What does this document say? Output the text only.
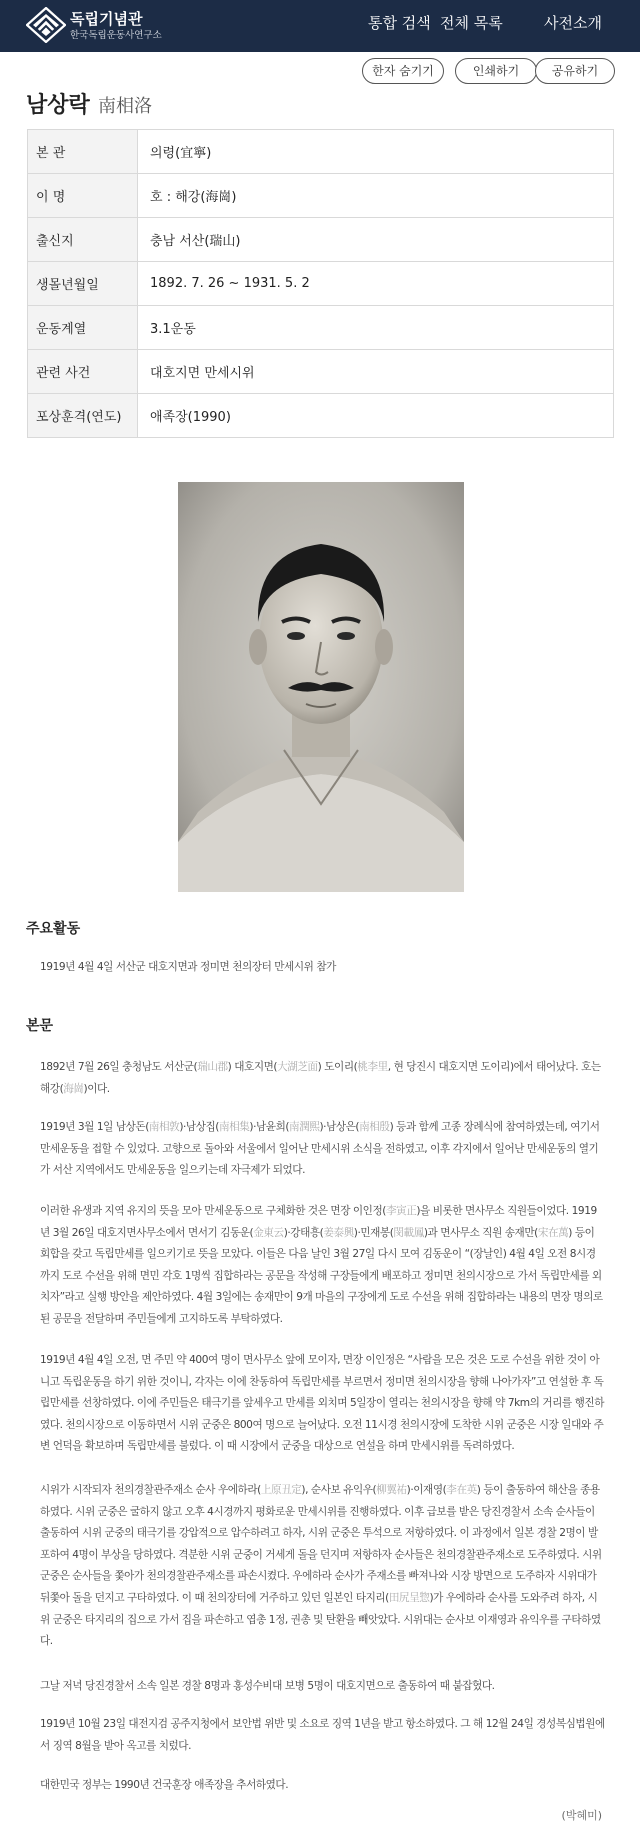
독립기념관
한국독립운동사연구소
통합 검색 전체 목록	사전소개
한자 숨기기	인쇄하기	공유하기
남상락 南相洛
본 관	의령(宜寧)
이 명	호 : 해강(海崗)
출신지	충남 서산(瑞山)
생몰년월일	1892. 7. 26 ~ 1931. 5. 2
운동계열	3.1운동
관련 사건	대호지면 만세시위
포상훈격(연도)	애족장(1990)
주요활동
1919년 4월 4일 서산군 대호지면과 정미면 천의장터 만세시위 참가
본문
1892년 7월 26일 충청남도 서산군(瑞山郡) 대호지면(大湖芝面) 도이리(桃李里, 현 당진시 대호지면 도이리)에서 태어났다. 호는 해강(海崗)이다.
1919년 3월 1일 남상돈(南相敦)·남상집(南相集)·남윤희(南潤熙)·남상은(南相殷) 등과 함께 고종 장례식에 참여하였는데, 여기서 만세운동을 접할 수 있었다. 고향으로 돌아와 서울에서 일어난 만세시위 소식을 전하였고, 이후 각지에서 일어난 만세운동의 열기가 서산 지역에서도 만세운동을 일으키는데 자극제가 되었다.
이러한 유생과 지역 유지의 뜻을 모아 만세운동으로 구체화한 것은 면장 이인정(李寅正)을 비롯한 면사무소 직원들이었다. 1919년 3월 26일 대호지면사무소에서 면서기 김동운(金東云)·강태흥(姜泰興)·민재봉(閔載鳳)과 면사무소 직원 송재만(宋在萬) 등이 회합을 갖고 독립만세를 일으키기로 뜻을 모았다. 이들은 다음 날인 3월 27일 다시 모여 김동운이 “(장날인) 4월 4일 오전 8시경까지 도로 수선을 위해 면민 각호 1명씩 집합하라는 공문을 작성해 구장들에게 배포하고 정미면 천의시장으로 가서 독립만세를 외치자”라고 실행 방안을 제안하였다. 4월 3일에는 송재만이 9개 마을의 구장에게 도로 수선을 위해 집합하라는 내용의 면장 명의로 된 공문을 전달하며 주민들에게 고지하도록 부탁하였다.
1919년 4월 4일 오전, 면 주민 약 400여 명이 면사무소 앞에 모이자, 면장 이인정은 “사람을 모은 것은 도로 수선을 위한 것이 아니고 독립운동을 하기 위한 것이니, 각자는 이에 찬동하여 독립만세를 부르면서 정미면 천의시장을 향해 나아가자”고 연설한 후 독립만세를 선창하였다. 이에 주민들은 태극기를 앞세우고 만세를 외치며 5일장이 열리는 천의시장을 향해 약 7km의 거리를 행진하였다. 천의시장으로 이동하면서 시위 군중은 800여 명으로 늘어났다. 오전 11시경 천의시장에 도착한 시위 군중은 시장 일대와 주변 언덕을 확보하며 독립만세를 불렀다. 이 때 시장에서 군중을 대상으로 연설을 하며 만세시위를 독려하였다.
시위가 시작되자 천의경찰관주재소 순사 우에하라(上原丑定), 순사보 유익우(柳翼祐)·이재영(李在英) 등이 출동하여 해산을 종용하였다. 시위 군중은 굴하지 않고 오후 4시경까지 평화로운 만세시위를 진행하였다. 이후 급보를 받은 당진경찰서 소속 순사들이 출동하여 시위 군중의 태극기를 강압적으로 압수하려고 하자, 시위 군중은 투석으로 저항하였다. 이 과정에서 일본 경찰 2명이 발포하여 4명이 부상을 당하였다. 격분한 시위 군중이 거세게 돌을 던지며 저항하자 순사들은 천의경찰관주재소로 도주하였다. 시위 군중은 순사들을 쫓아가 천의경찰관주재소를 파손시켰다. 우에하라 순사가 주재소를 빠져나와 시장 방면으로 도주하자 시위대가 뒤쫓아 돌을 던지고 구타하였다. 이 때 천의장터에 거주하고 있던 일본인 타지리(田尻呈惣)가 우에하라 순사를 도와주려 하자, 시위 군중은 타지리의 집으로 가서 집을 파손하고 엽총 1정, 권총 및 탄환을 빼앗았다. 시위대는 순사보 이재영과 유익우를 구타하였다.
그날 저녁 당진경찰서 소속 일본 경찰 8명과 홍성수비대 보병 5명이 대호지면으로 출동하여 때 붙잡혔다.
1919년 10월 23일 대전지검 공주지청에서 보안법 위반 및 소요로 징역 1년을 받고 항소하였다. 그 해 12월 24일 경성복심법원에서 징역 8월을 받아 옥고를 치렀다.
대한민국 정부는 1990년 건국훈장 애족장을 추서하였다.
(박혜미)
